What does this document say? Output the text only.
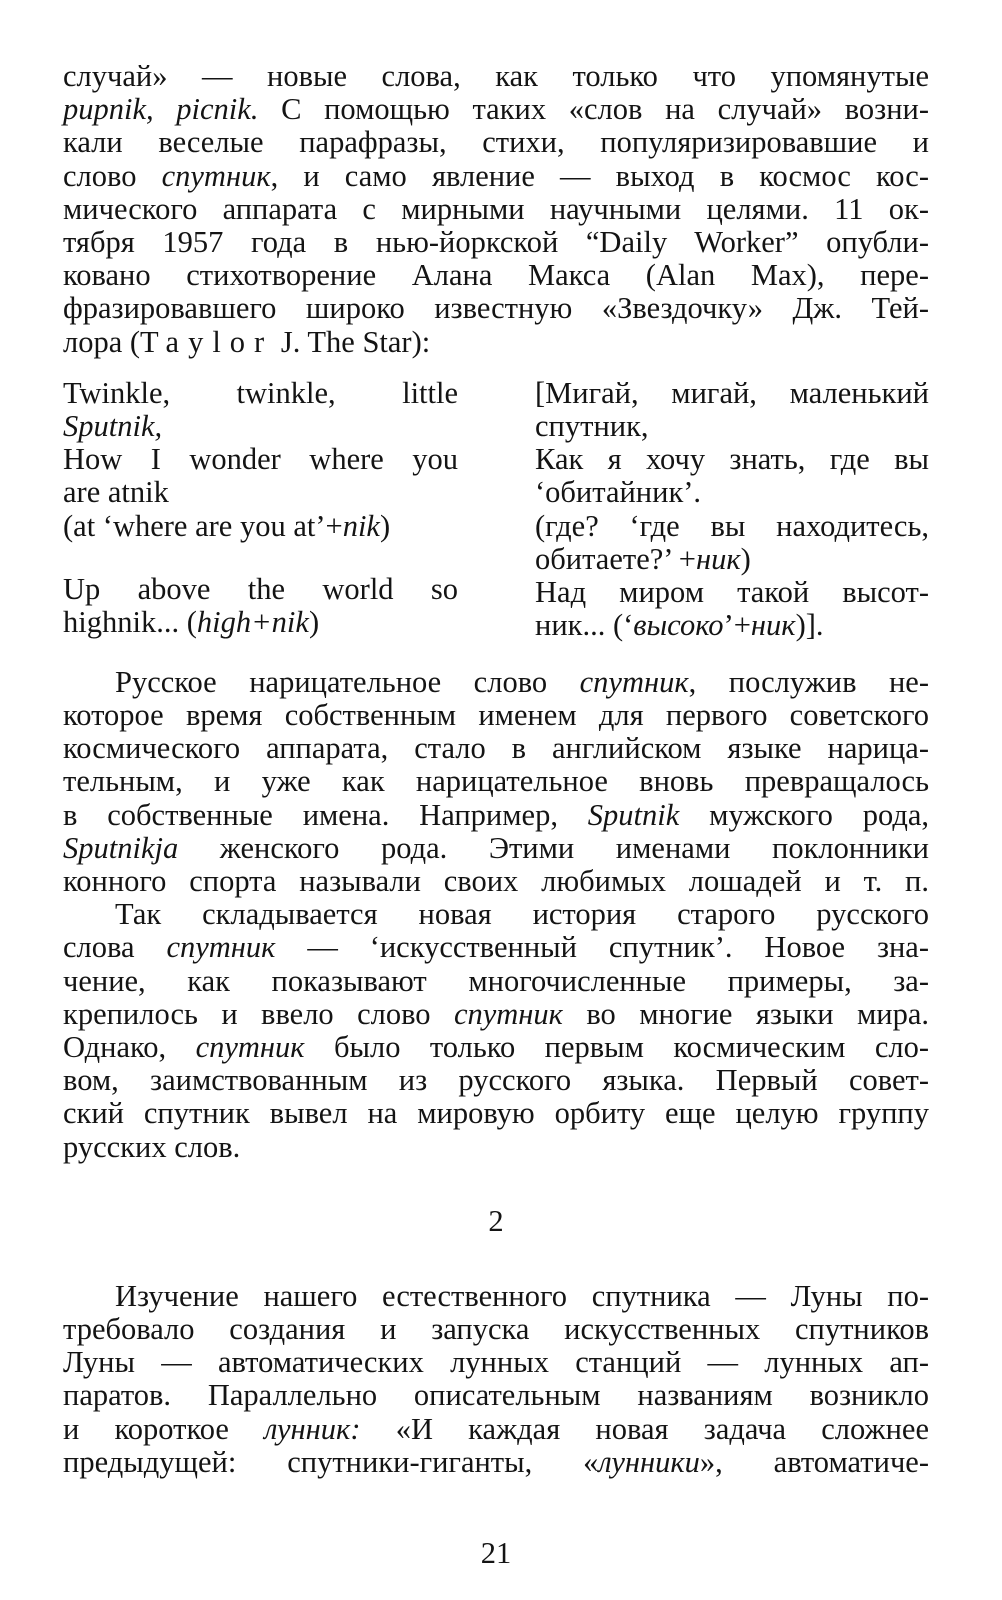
случай» — новые слова, как только что упомянутые
pupnik, picnik. С помощью таких «слов на случай» возни-
кали веселые парафразы, стихи, популяризировавшие и
слово спутник, и само явление — выход в космос кос-
мического аппарата с мирными научными целями. 11 ок-
тября 1957 года в нью-йоркской “Daily Worker” опубли-
ковано стихотворение Алана Макса (Alan Max), пере-
фразировавшего широко известную «Звездочку» Дж. Тей-
лора (Taylor J. The Star):

Twinkle, twinkle, little
Sputnik,
How I wonder where you
are atnik
(at ‘where are you at’+nik)
Up above the world so
highnik... (high+nik)
[Мигай, мигай, маленький
спутник,
Как я хочу знать, где вы
‘обитайник’.
(где? ‘где вы находитесь,
обитаете?’ +ник)
Над миром такой высот-
ник... (‘высоко’+ник)].

Русское нарицательное слово спутник, послужив не-
которое время собственным именем для первого советского
космического аппарата, стало в английском языке нарица-
тельным, и уже как нарицательное вновь превращалось
в собственные имена. Например, Sputnik мужского рода,
Sputnikja женского рода. Этими именами поклонники
конного спорта называли своих любимых лошадей и т. п.

Так складывается новая история старого русского
слова спутник — ‘искусственный спутник’. Новое зна-
чение, как показывают многочисленные примеры, за-
крепилось и ввело слово спутник во многие языки мира.
Однако, спутник было только первым космическим сло-
вом, заимствованным из русского языка. Первый совет-
ский спутник вывел на мировую орбиту еще целую группу
русских слов.

2

Изучение нашего естественного спутника — Луны по-
требовало создания и запуска искусственных спутников
Луны — автоматических лунных станций — лунных ап-
паратов. Параллельно описательным названиям возникло
и короткое лунник: «И каждая новая задача сложнее
предыдущей: спутники-гиганты, «лунники», автоматиче-

21
